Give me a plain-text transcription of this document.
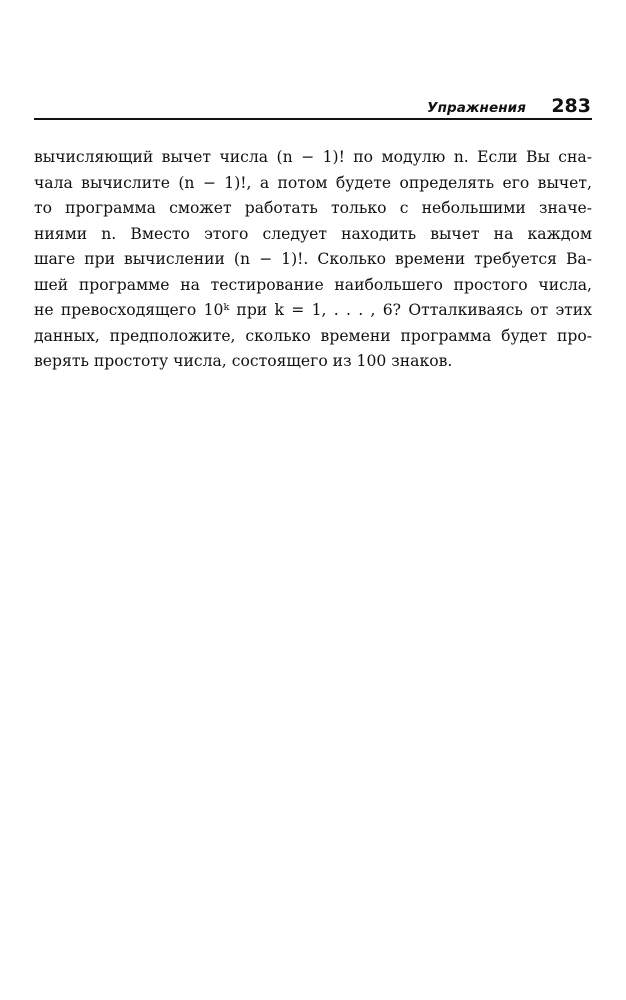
Упражнения 283
вычисляющий вычет числа (n − 1)! по модулю n. Если Вы сна-
чала вычислите (n − 1)!, а потом будете определять его вычет,
то программа сможет работать только с небольшими значе-
ниями n. Вместо этого следует находить вычет на каждом
шаге при вычислении (n − 1)!. Сколько времени требуется Ва-
шей программе на тестирование наибольшего простого числа,
не превосходящего 10ᵏ при k = 1, . . . , 6? Отталкиваясь от этих
данных, предположите, сколько времени программа будет про-
верять простоту числа, состоящего из 100 знаков.
